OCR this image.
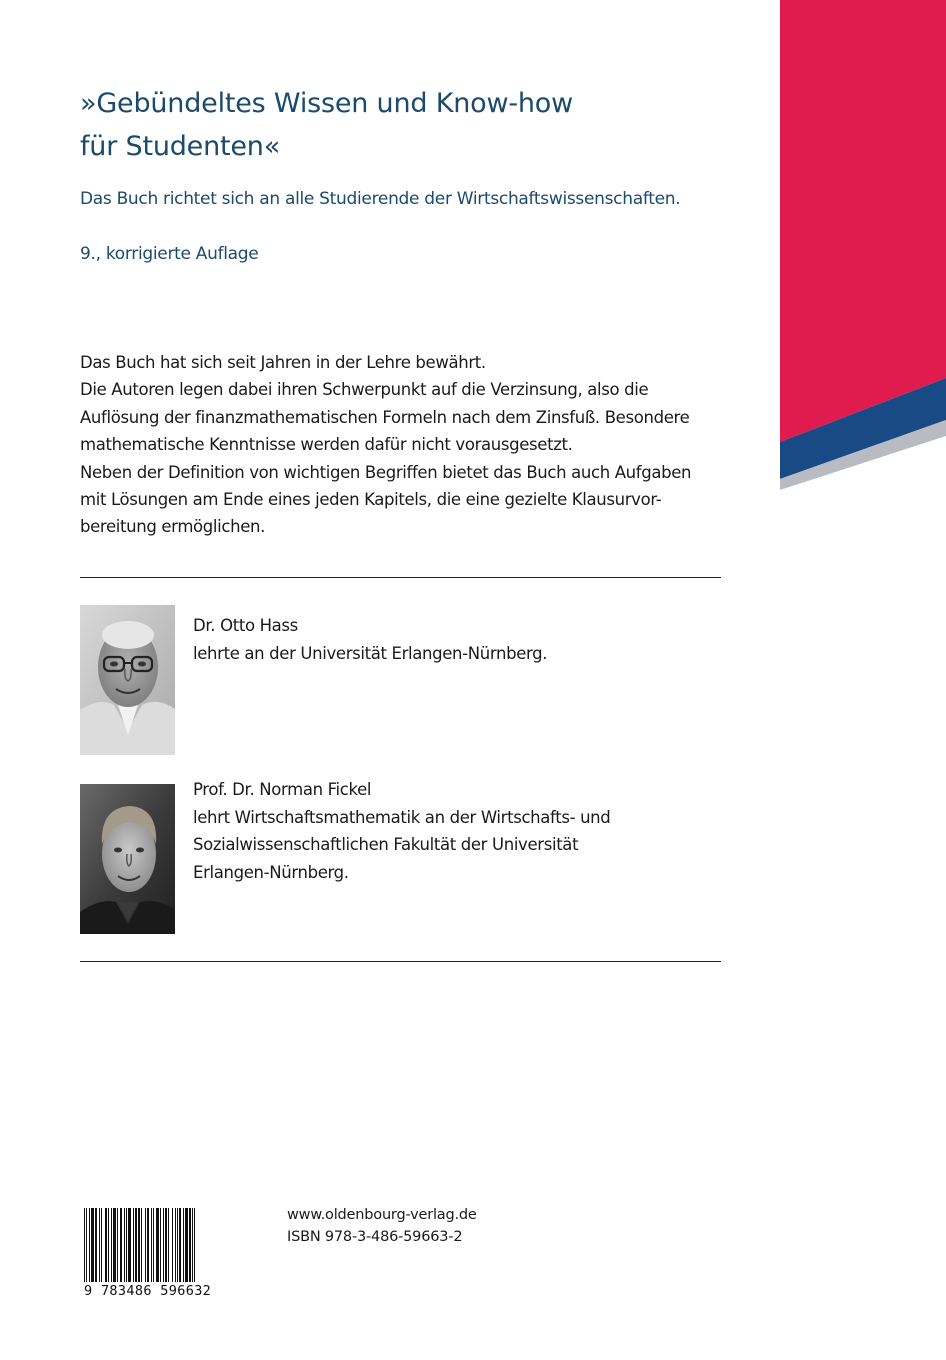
»Gebündeltes Wissen und Know-how
für Studenten«

Das Buch richtet sich an alle Studierende der Wirtschaftswissenschaften.

9., korrigierte Auflage

Das Buch hat sich seit Jahren in der Lehre bewährt.

Die Autoren legen dabei ihren Schwerpunkt auf die Verzinsung, also die

Auflösung der finanzmathematischen Formeln nach dem Zinsfuß. Besondere

mathematische Kenntnisse werden dafür nicht vorausgesetzt.

Neben der Definition von wichtigen Begriffen bietet das Buch auch Aufgaben

mit Lösungen am Ende eines jeden Kapitels, die eine gezielte Klausurvor-

bereitung ermöglichen.

Dr. Otto Hass

lehrte an der Universität Erlangen-Nürnberg.

Prof. Dr. Norman Fickel

lehrt Wirtschaftsmathematik an der Wirtschafts- und

Sozialwissenschaftlichen Fakultät der Universität

Erlangen-Nürnberg.

9 783486 596632

www.oldenbourg-verlag.de

ISBN 978-3-486-59663-2
